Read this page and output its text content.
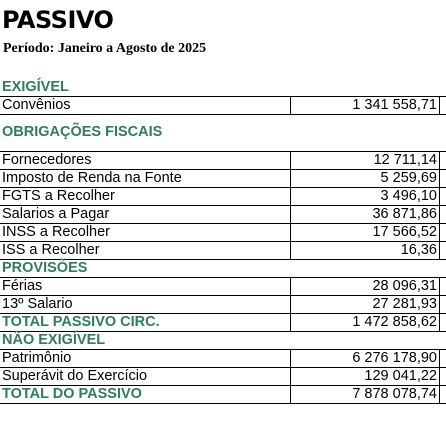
PASSIVO
Período: Janeiro a Agosto de 2025
EXIGÍVEL
Convênios	1 341 558,71
OBRIGAÇÕES FISCAIS
Fornecedores	12 711,14
Imposto de Renda na Fonte	5 259,69
FGTS a Recolher	3 496,10
Salarios a Pagar	36 871,86
INSS a Recolher	17 566,52
ISS a Recolher	16,36
PROVISÕES
Férias	28 096,31
13º Salario	27 281,93
TOTAL PASSIVO CIRC.	1 472 858,62
NÃO EXIGÍVEL
Patrimônio	6 276 178,90
Superávit do Exercício	129 041,22
TOTAL DO PASSIVO	7 878 078,74
